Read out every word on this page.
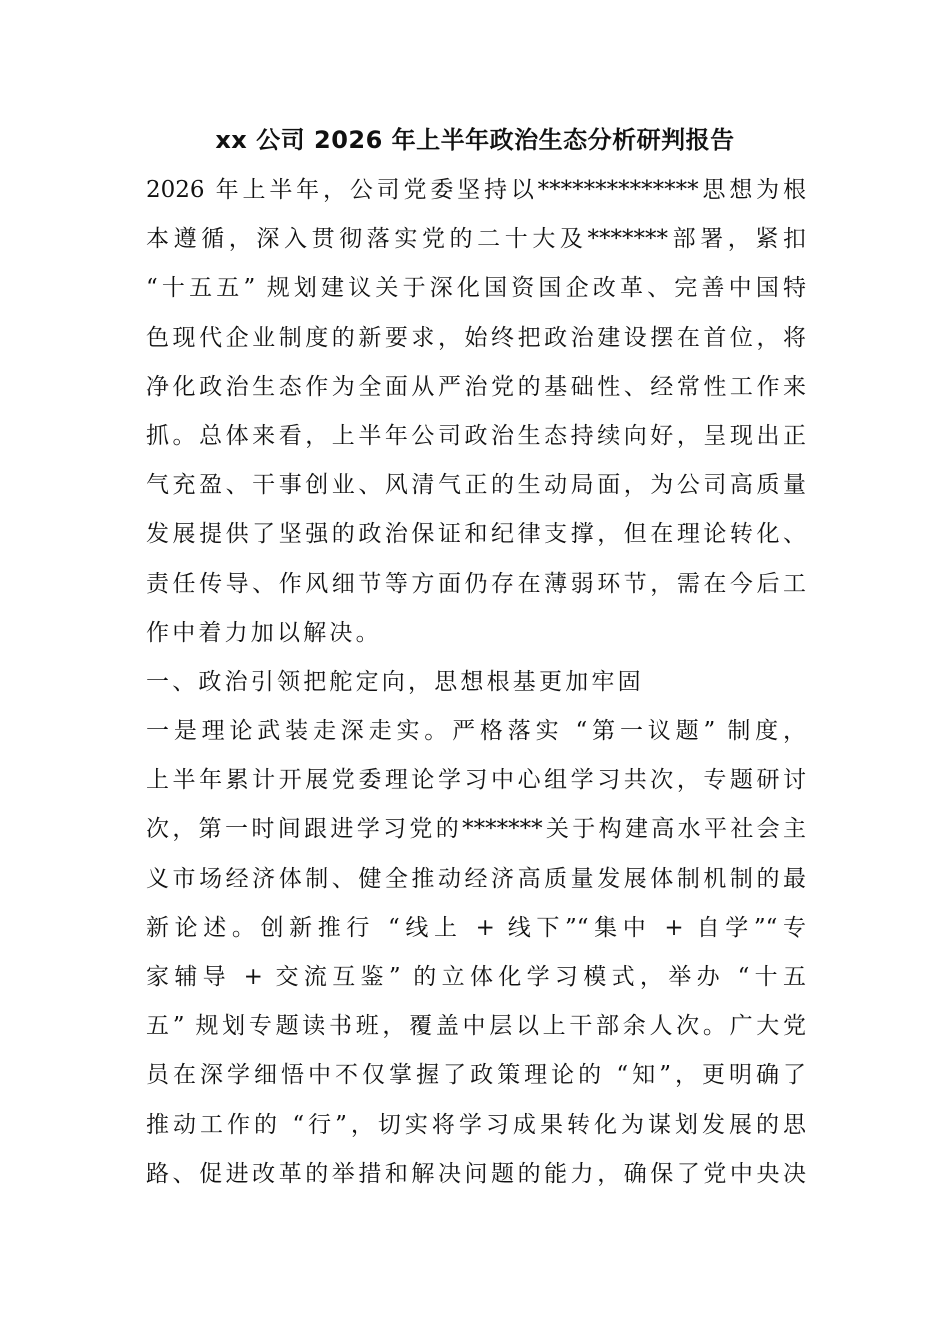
xx 公司 2026 年上半年政治生态分析研判报告
2026 年上半年，公司党委坚持以**************思想为根
本遵循，深入贯彻落实党的二十大及*******部署，紧扣
“十五五” 规划建议关于深化国资国企改革、完善中国特
色现代企业制度的新要求，始终把政治建设摆在首位，将
净化政治生态作为全面从严治党的基础性、经常性工作来
抓。总体来看，上半年公司政治生态持续向好，呈现出正
气充盈、干事创业、风清气正的生动局面，为公司高质量
发展提供了坚强的政治保证和纪律支撑，但在理论转化、
责任传导、作风细节等方面仍存在薄弱环节，需在今后工
作中着力加以解决。
一、政治引领把舵定向，思想根基更加牢固
一是理论武装走深走实。严格落实 “第一议题” 制度，
上半年累计开展党委理论学习中心组学习共次，专题研讨
次，第一时间跟进学习党的*******关于构建高水平社会主
义市场经济体制、健全推动经济高质量发展体制机制的最
新论述。创新推行 “线上 + 线下”“集中 + 自学”“专
家辅导 + 交流互鉴” 的立体化学习模式，举办 “十五
五” 规划专题读书班，覆盖中层以上干部余人次。广大党
员在深学细悟中不仅掌握了政策理论的 “知”，更明确了
推动工作的 “行”，切实将学习成果转化为谋划发展的思
路、促进改革的举措和解决问题的能力，确保了党中央决
